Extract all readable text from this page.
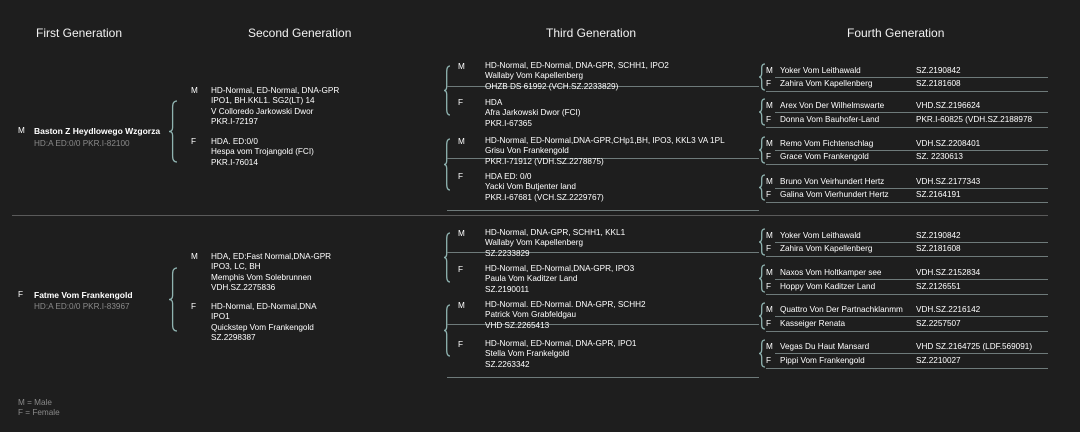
First Generation	Second Generation	Third Generation	Fourth Generation
M Baston Z Heydlowego Wzgorza
HD:A ED:0/0 PKR.I-82100
M HD-Normal, ED-Normal, DNA-GPR
IPO1, BH.KKL1. SG2(LT) 14
V Colloredo Jarkowski Dwor
PKR.I-72197
F HDA. ED:0/0
Hespa vom Trojangold (FCI)
PKR.I-76014
M HD-Normal, ED-Normal, DNA-GPR, SCHH1, IPO2
Wallaby Vom Kapellenberg
OHZB DS 61992 (VCH.SZ.2233829)
F	HDA
Afra Jarkowski Dwor (FCI)
PKR.I-67365
M HD-Normal, ED-Normal,DNA-GPR,CHp1,BH, IPO3, KKL3 VA 1PL
Grisu Von Frankengold
PKR.I-71912 (VDH.SZ.2278875)
F	HDA ED: 0/0
Yacki Vom Butjenter land
PKR.I-67681 (VCH.SZ.2229767)
M Yoker Vom Leithawald	SZ.2190842
F Zahira Vom Kapellenberg	SZ.2181608
M Arex Von Der Wilhelmswarte	VHD.SZ.2196624
F Donna Vom Bauhofer-Land	PKR.I-60825 (VDH.SZ.2188978
M Remo Vom Fichtenschlag	VDH.SZ.2208401
F Grace Vom Frankengold	SZ. 2230613
M Bruno Von Veirhundert Hertz	VDH.SZ.2177343
F Galina Vom Vierhundert Hertz	SZ.2164191
F Fatme Vom Frankengold
HD:A ED:0/0 PKR.I-83967
M HDA, ED:Fast Normal,DNA-GPR
IPO3, LC, BH
Memphis Vom Solebrunnen
VDH.SZ.2275836
F HD-Normal, ED-Normal,DNA
IPO1
Quickstep Vom Frankengold
SZ.2298387
M HD-Normal, DNA-GPR, SCHH1, KKL1
Wallaby Vom Kapellenberg
SZ.2233829
F	HD-Normal, ED-Normal,DNA-GPR, IPO3
Paula Vom Kaditzer Land
SZ.2190011
M HD-Normal. ED-Normal. DNA-GPR, SCHH2
Patrick Vom Grabfeldgau
VHD SZ.2265413
F	HD-Normal, ED-Normal, DNA-GPR, IPO1
Stella Vom Frankelgold
SZ.2263342
M Yoker Vom Leithawald	SZ.2190842
F Zahira Vom Kapellenberg	SZ.2181608
M Naxos Vom Holtkamper see	VDH.SZ.2152834
F Hoppy Vom Kaditzer Land	SZ.2126551
M Quattro Von Der Partnachklanmm VDH.SZ.2216142
F Kasseiger Renata	SZ.2257507
M Vegas Du Haut Mansard	VHD SZ.2164725 (LDF.569091)
F Pippi Vom Frankengold	SZ.2210027
M = Male
F = Female
